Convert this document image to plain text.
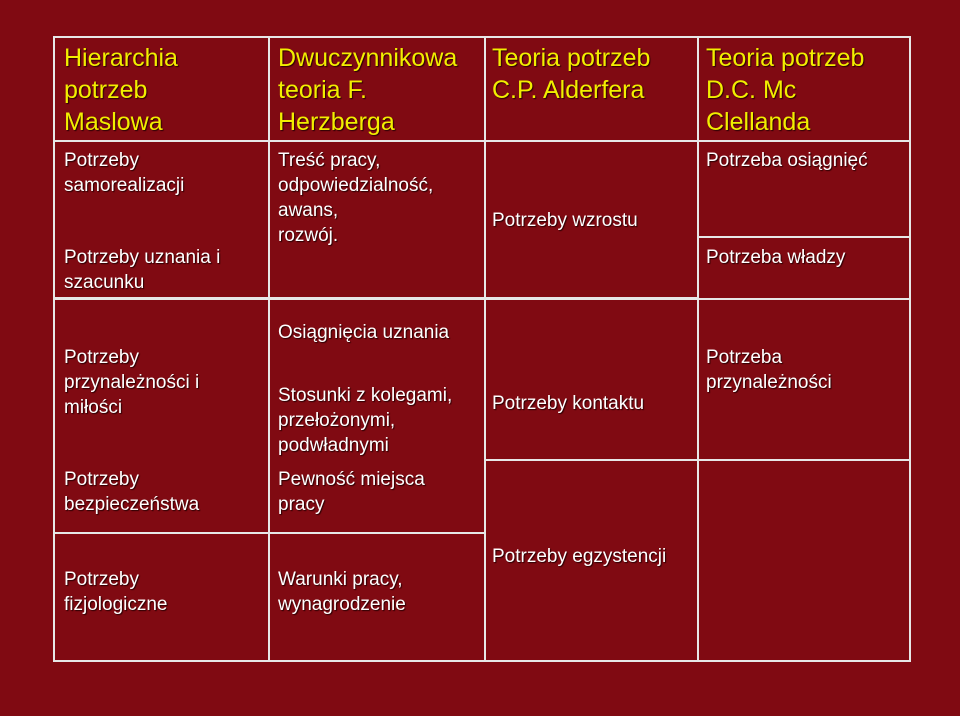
Hierarchia
potrzeb
Maslowa
Dwuczynnikowa
teoria F.
Herzberga
Teoria potrzeb
C.P. Alderfera
Teoria potrzeb
D.C. Mc
Clellanda
Potrzeby
samorealizacji
Potrzeby uznania i
szacunku
Potrzeby
przynależności i
miłości
Potrzeby
bezpieczeństwa
Potrzeby
fizjologiczne
Treść pracy,
odpowiedzialność,
awans,
rozwój.
Osiągnięcia uznania
Stosunki z kolegami,
przełożonymi,
podwładnymi
Pewność miejsca
pracy
Warunki pracy,
wynagrodzenie
Potrzeby wzrostu
Potrzeby kontaktu
Potrzeby egzystencji
Potrzeba osiągnięć
Potrzeba władzy
Potrzeba
przynależności
